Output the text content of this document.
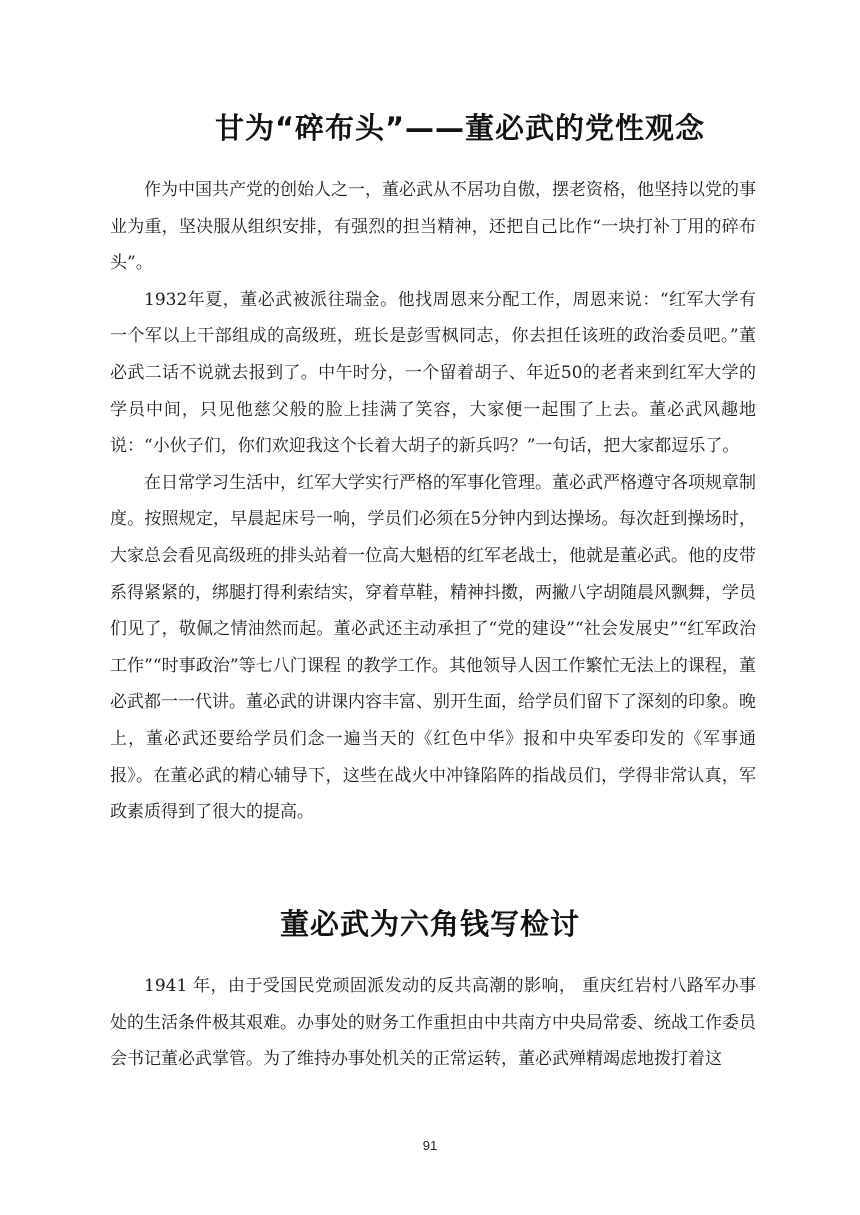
甘为“碎布头”——董必武的党性观念

作为中国共产党的创始人之一，董必武从不居功自傲，摆老资格，他坚持以党的事业为重，坚决服从组织安排，有强烈的担当精神，还把自己比作“一块打补丁用的碎布头”。

1932年夏，董必武被派往瑞金。他找周恩来分配工作，周恩来说：“红军大学有一个军以上干部组成的高级班，班长是彭雪枫同志，你去担任该班的政治委员吧。”董必武二话不说就去报到了。中午时分，一个留着胡子、年近50的老者来到红军大学的学员中间，只见他慈父般的脸上挂满了笑容，大家便一起围了上去。董必武风趣地说：“小伙子们，你们欢迎我这个长着大胡子的新兵吗？”一句话，把大家都逗乐了。

在日常学习生活中，红军大学实行严格的军事化管理。董必武严格遵守各项规章制度。按照规定，早晨起床号一响，学员们必须在5分钟内到达操场。每次赶到操场时，大家总会看见高级班的排头站着一位高大魁梧的红军老战士，他就是董必武。他的皮带系得紧紧的，绑腿打得利索结实，穿着草鞋，精神抖擞，两撇八字胡随晨风飘舞，学员们见了，敬佩之情油然而起。董必武还主动承担了“党的建设”“社会发展史”“红军政治工作”“时事政治”等七八门课程 的教学工作。其他领导人因工作繁忙无法上的课程，董必武都一一代讲。董必武的讲课内容丰富、别开生面，给学员们留下了深刻的印象。晚上，董必武还要给学员们念一遍当天的《红色中华》报和中央军委印发的《军事通报》。在董必武的精心辅导下，这些在战火中冲锋陷阵的指战员们，学得非常认真，军政素质得到了很大的提高。

董必武为六角钱写检讨

1941 年，由于受国民党顽固派发动的反共高潮的影响， 重庆红岩村八路军办事处的生活条件极其艰难。办事处的财务工作重担由中共南方中央局常委、统战工作委员会书记董必武掌管。为了维持办事处机关的正常运转，董必武殚精竭虑地拨打着这

91
